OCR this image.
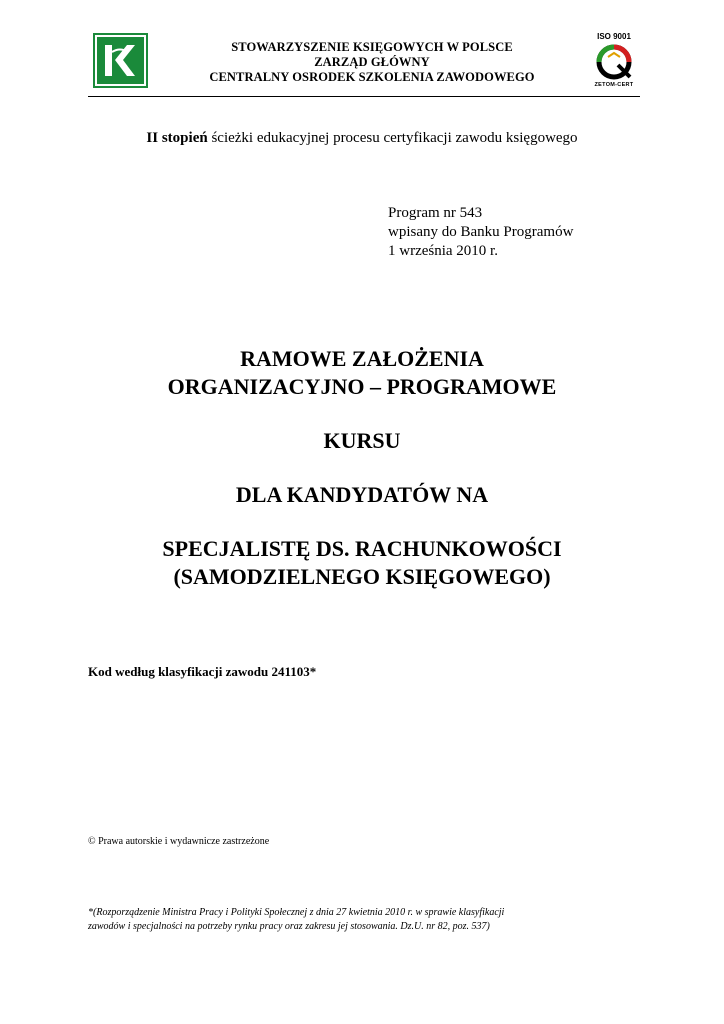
STOWARZYSZENIE KSIĘGOWYCH W POLSCE
ZARZĄD GŁÓWNY
CENTRALNY OSRODEK SZKOLENIA ZAWODOWEGO
ISO 9001
ZETOM-CERT
II stopień ścieżki edukacyjnej procesu certyfikacji zawodu księgowego
Program nr 543
wpisany do Banku Programów
1 września 2010 r.

RAMOWE ZAŁOŻENIA

ORGANIZACYJNO – PROGRAMOWE

KURSU

DLA KANDYDATÓW NA

SPECJALISTĘ DS. RACHUNKOWOŚCI

(SAMODZIELNEGO KSIĘGOWEGO)

Kod według klasyfikacji zawodu 241103*
© Prawa autorskie i wydawnicze zastrzeżone
*(Rozporządzenie Ministra Pracy i Polityki Społecznej z dnia 27 kwietnia 2010 r. w sprawie klasyfikacji
zawodów i specjalności na potrzeby rynku pracy oraz zakresu jej stosowania. Dz.U. nr 82, poz. 537)
